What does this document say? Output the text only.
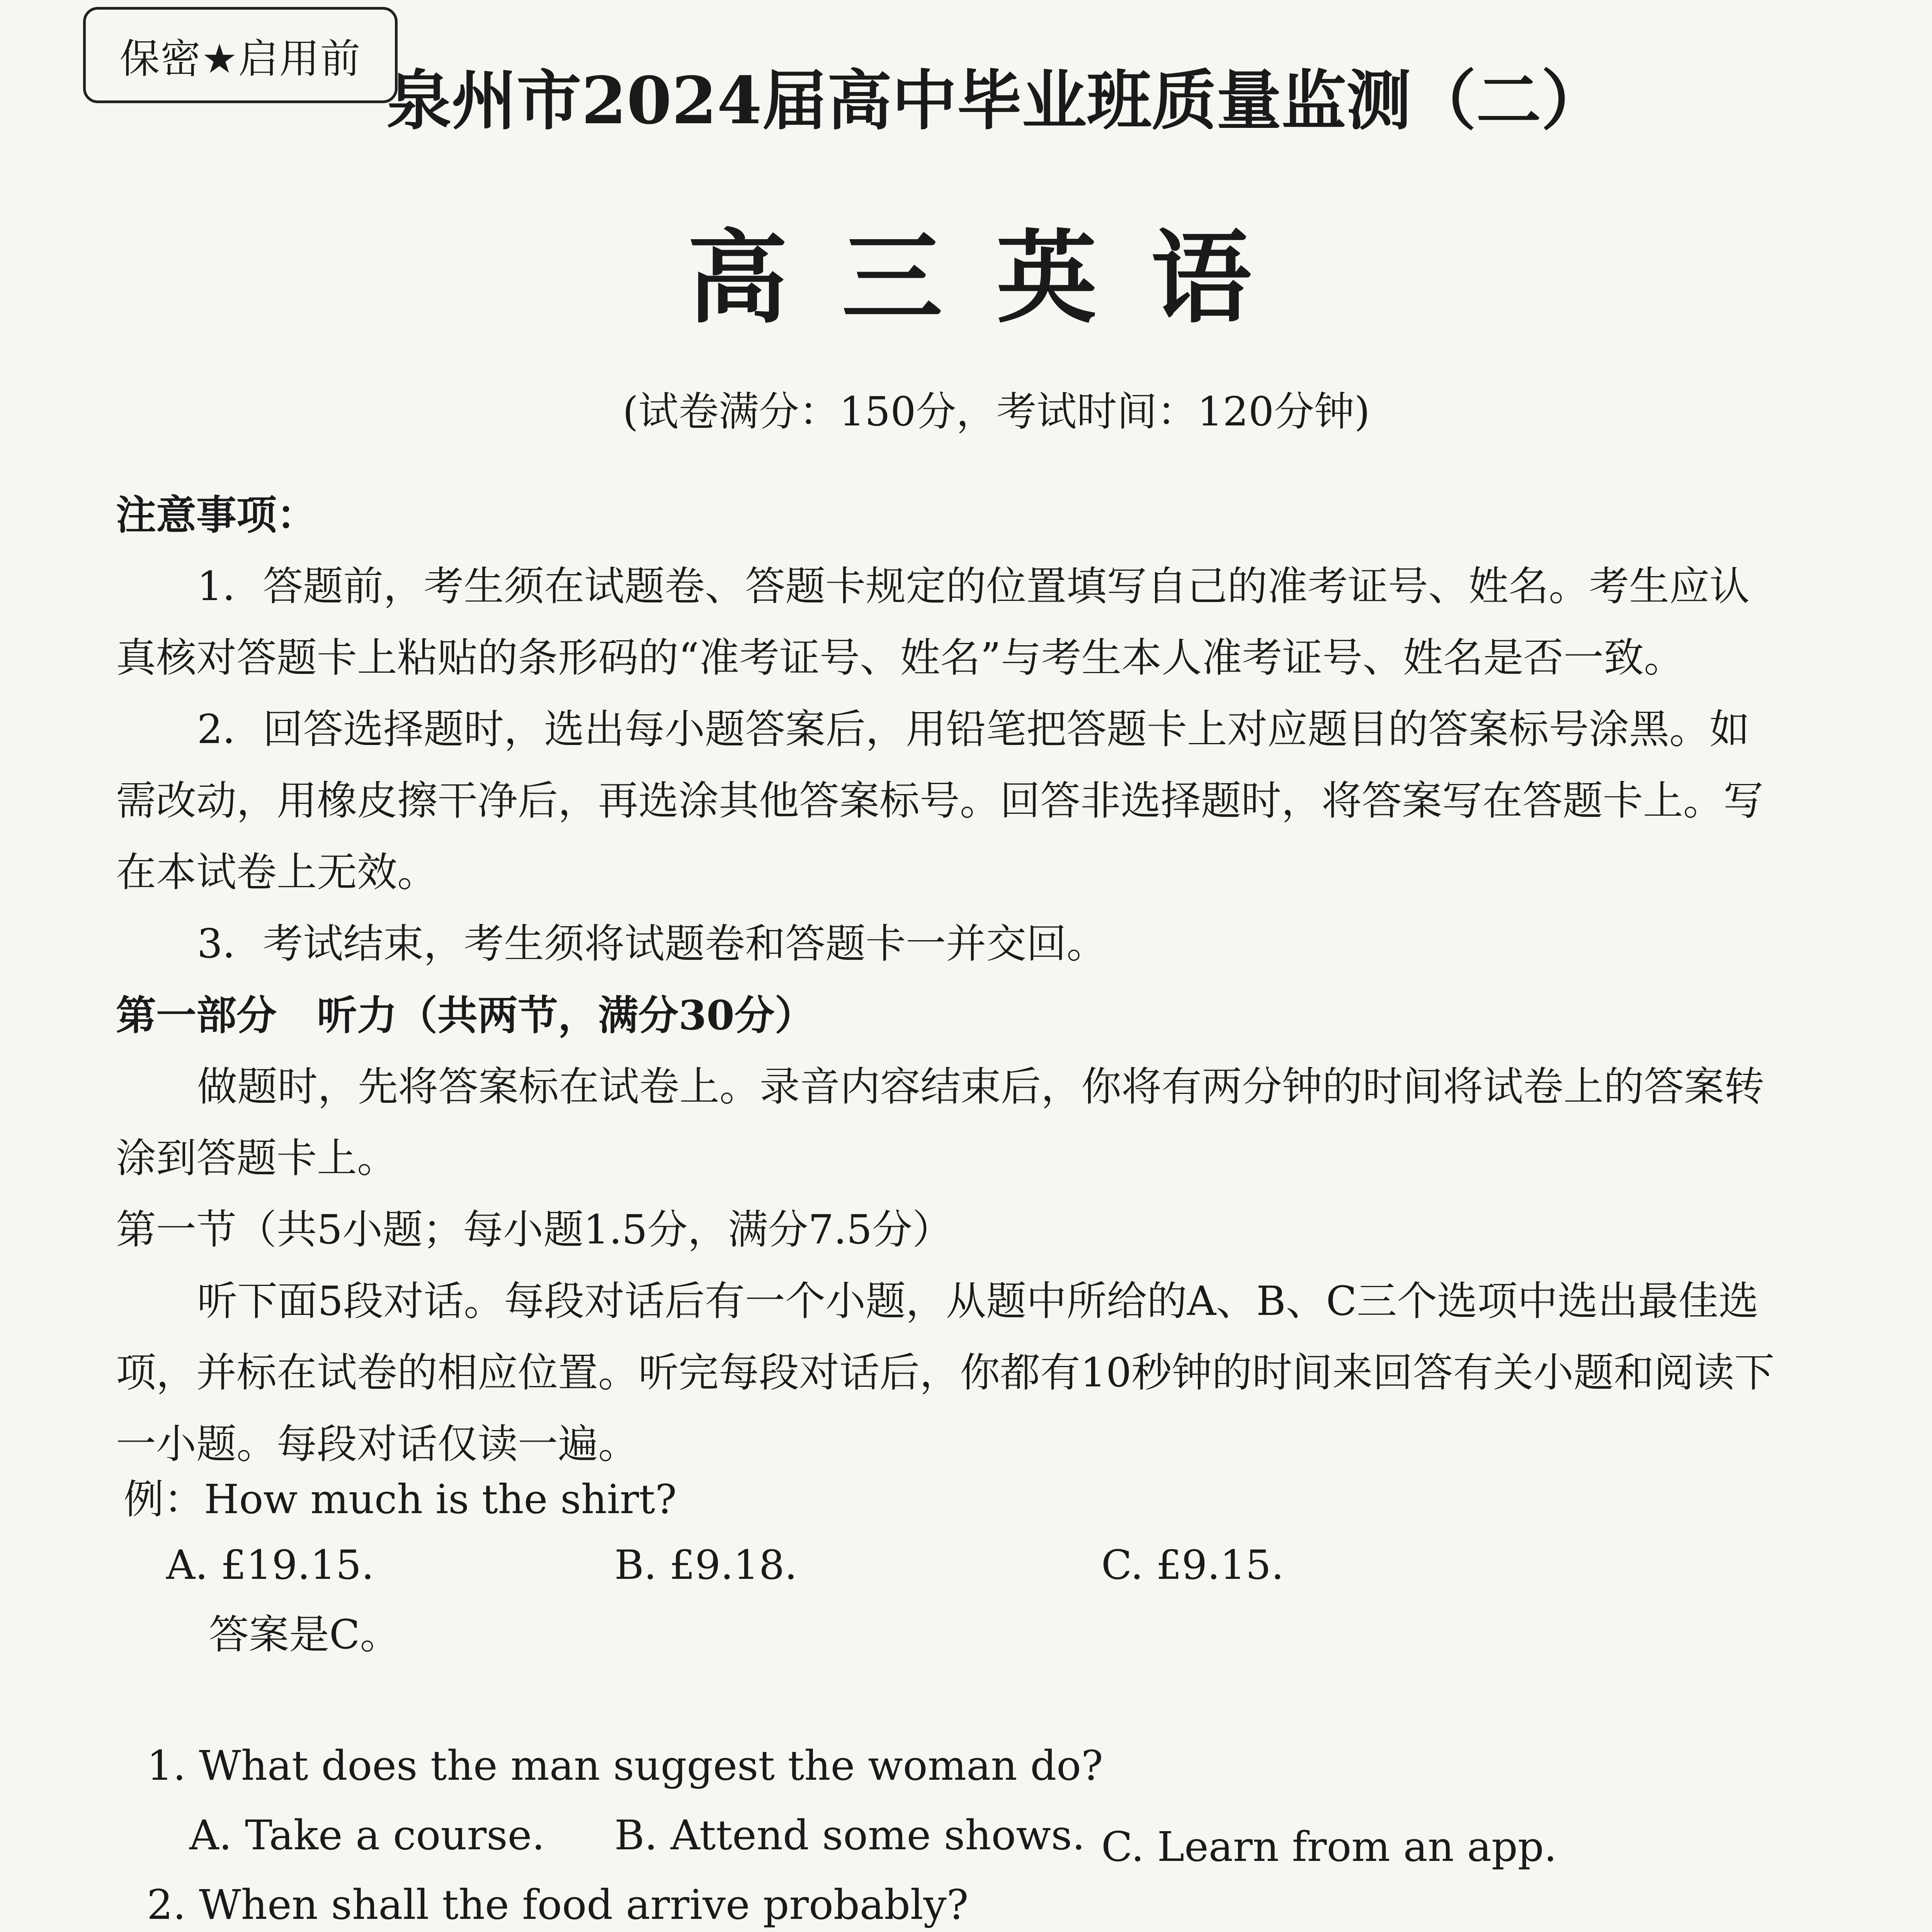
保密★启用前
泉州市2024届高中毕业班质量监测（二）
高三英语
(试卷满分：150分，考试时间：120分钟)
注意事项：
1．答题前，考生须在试题卷、答题卡规定的位置填写自己的准考证号、姓名。考生应认真核对答题卡上粘贴的条形码的“准考证号、姓名”与考生本人准考证号、姓名是否一致。
2．回答选择题时，选出每小题答案后，用铅笔把答题卡上对应题目的答案标号涂黑。如需改动，用橡皮擦干净后，再选涂其他答案标号。回答非选择题时，将答案写在答题卡上。写在本试卷上无效。
3．考试结束，考生须将试题卷和答题卡一并交回。
第一部分　听力（共两节，满分30分）
做题时，先将答案标在试卷上。录音内容结束后，你将有两分钟的时间将试卷上的答案转涂到答题卡上。
第一节（共5小题；每小题1.5分，满分7.5分）
听下面5段对话。每段对话后有一个小题，从题中所给的A、B、C三个选项中选出最佳选项，并标在试卷的相应位置。听完每段对话后，你都有10秒钟的时间来回答有关小题和阅读下一小题。每段对话仅读一遍。
例：How much is the shirt?
A. £19.15.	B. £9.18.	C. £9.15.
答案是C。
1. What does the man suggest the woman do?
A. Take a course. B. Attend some shows. C. Learn from an app.
2. When shall the food arrive probably?
